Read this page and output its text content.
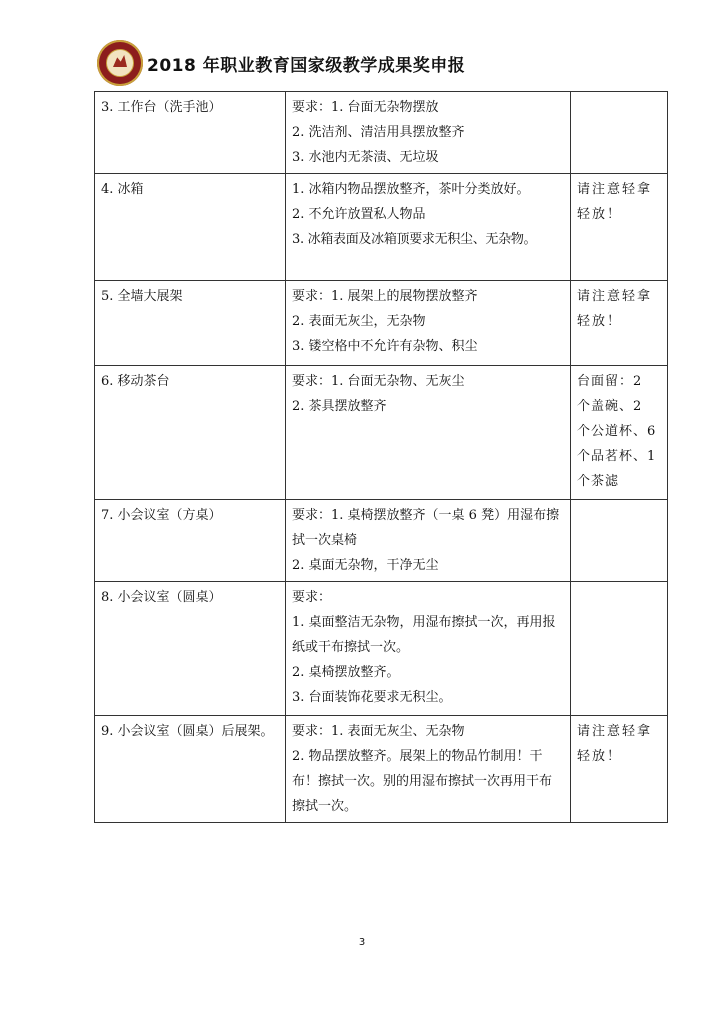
2018 年职业教育国家级教学成果奖申报
3. 工作台（洗手池）	要求：1. 台面无杂物摆放
2. 洗洁剂、清洁用具摆放整齐
3. 水池内无茶渍、无垃圾	

4. 冰箱	1. 冰箱内物品摆放整齐，茶叶分类放好。
2. 不允许放置私人物品
3. 冰箱表面及冰箱顶要求无积尘、无杂物。	请注意轻拿轻放！

5. 全墙大展架	要求：1. 展架上的展物摆放整齐
2. 表面无灰尘，无杂物
3. 镂空格中不允许有杂物、积尘	请注意轻拿轻放！

6. 移动茶台	要求：1. 台面无杂物、无灰尘
2. 茶具摆放整齐	台面留：2 个盖碗、2 个公道杯、6 个品茗杯、1 个茶滤

7. 小会议室（方桌）	要求：1. 桌椅摆放整齐（一桌 6 凳）用湿布擦拭一次桌椅
2. 桌面无杂物，干净无尘	

8. 小会议室（圆桌）	要求：
1. 桌面整洁无杂物，用湿布擦拭一次，再用报纸或干布擦拭一次。
2. 桌椅摆放整齐。
3. 台面装饰花要求无积尘。	

9. 小会议室（圆桌）后展架。	要求：1. 表面无灰尘、无杂物
2. 物品摆放整齐。展架上的物品竹制用！干布！擦拭一次。别的用湿布擦拭一次再用干布擦拭一次。	请注意轻拿轻放！
3
